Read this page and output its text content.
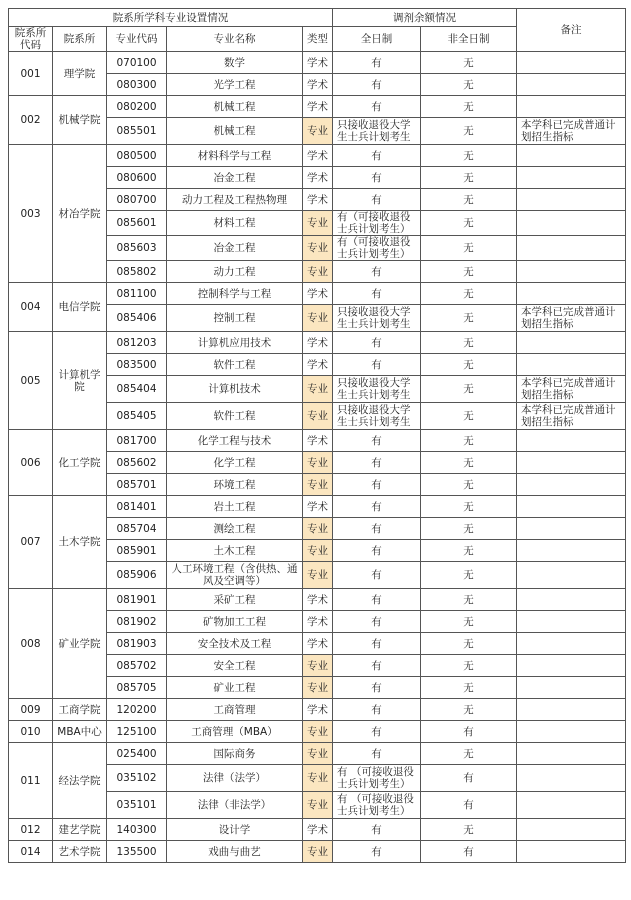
院系所学科专业设置情况					调剂余额情况		备注
院系所代码	院系所	专业代码	专业名称	类型	全日制	非全日制	
001	理学院	070100	数学	学术	有	无	
		080300	光学工程	学术	有	无	
002	机械学院	080200	机械工程	学术	有	无	
		085501	机械工程	专业	只接收退役大学生士兵计划考生	无	本学科已完成普通计划招生指标
003	材冶学院	080500	材料科学与工程	学术	有	无	
		080600	冶金工程	学术	有	无	
		080700	动力工程及工程热物理	学术	有	无	
		085601	材料工程	专业	有（可接收退役士兵计划考生）	无	
		085603	冶金工程	专业	有（可接收退役士兵计划考生）	无	
		085802	动力工程	专业	有	无	
004	电信学院	081100	控制科学与工程	学术	有	无	
		085406	控制工程	专业	只接收退役大学生士兵计划考生	无	本学科已完成普通计划招生指标
005	计算机学院	081203	计算机应用技术	学术	有	无	
		083500	软件工程	学术	有	无	
		085404	计算机技术	专业	只接收退役大学生士兵计划考生	无	本学科已完成普通计划招生指标
		085405	软件工程	专业	只接收退役大学生士兵计划考生	无	本学科已完成普通计划招生指标
006	化工学院	081700	化学工程与技术	学术	有	无	
		085602	化学工程	专业	有	无	
		085701	环境工程	专业	有	无	
007	土木学院	081401	岩土工程	学术	有	无	
		085704	测绘工程	专业	有	无	
		085901	土木工程	专业	有	无	
		085906	人工环境工程（含供热、通风及空调等）	专业	有	无	
008	矿业学院	081901	采矿工程	学术	有	无	
		081902	矿物加工工程	学术	有	无	
		081903	安全技术及工程	学术	有	无	
		085702	安全工程	专业	有	无	
		085705	矿业工程	专业	有	无	
009	工商学院	120200	工商管理	学术	有	无	
010	MBA中心	125100	工商管理（MBA）	专业	有	有	
011	经法学院	025400	国际商务	专业	有	无	
		035102	法律（法学）	专业	有 （可接收退役士兵计划考生）	有	
		035101	法律（非法学）	专业	有 （可接收退役士兵计划考生）	有	
012	建艺学院	140300	设计学	学术	有	无	
014	艺术学院	135500	戏曲与曲艺	专业	有	有	
